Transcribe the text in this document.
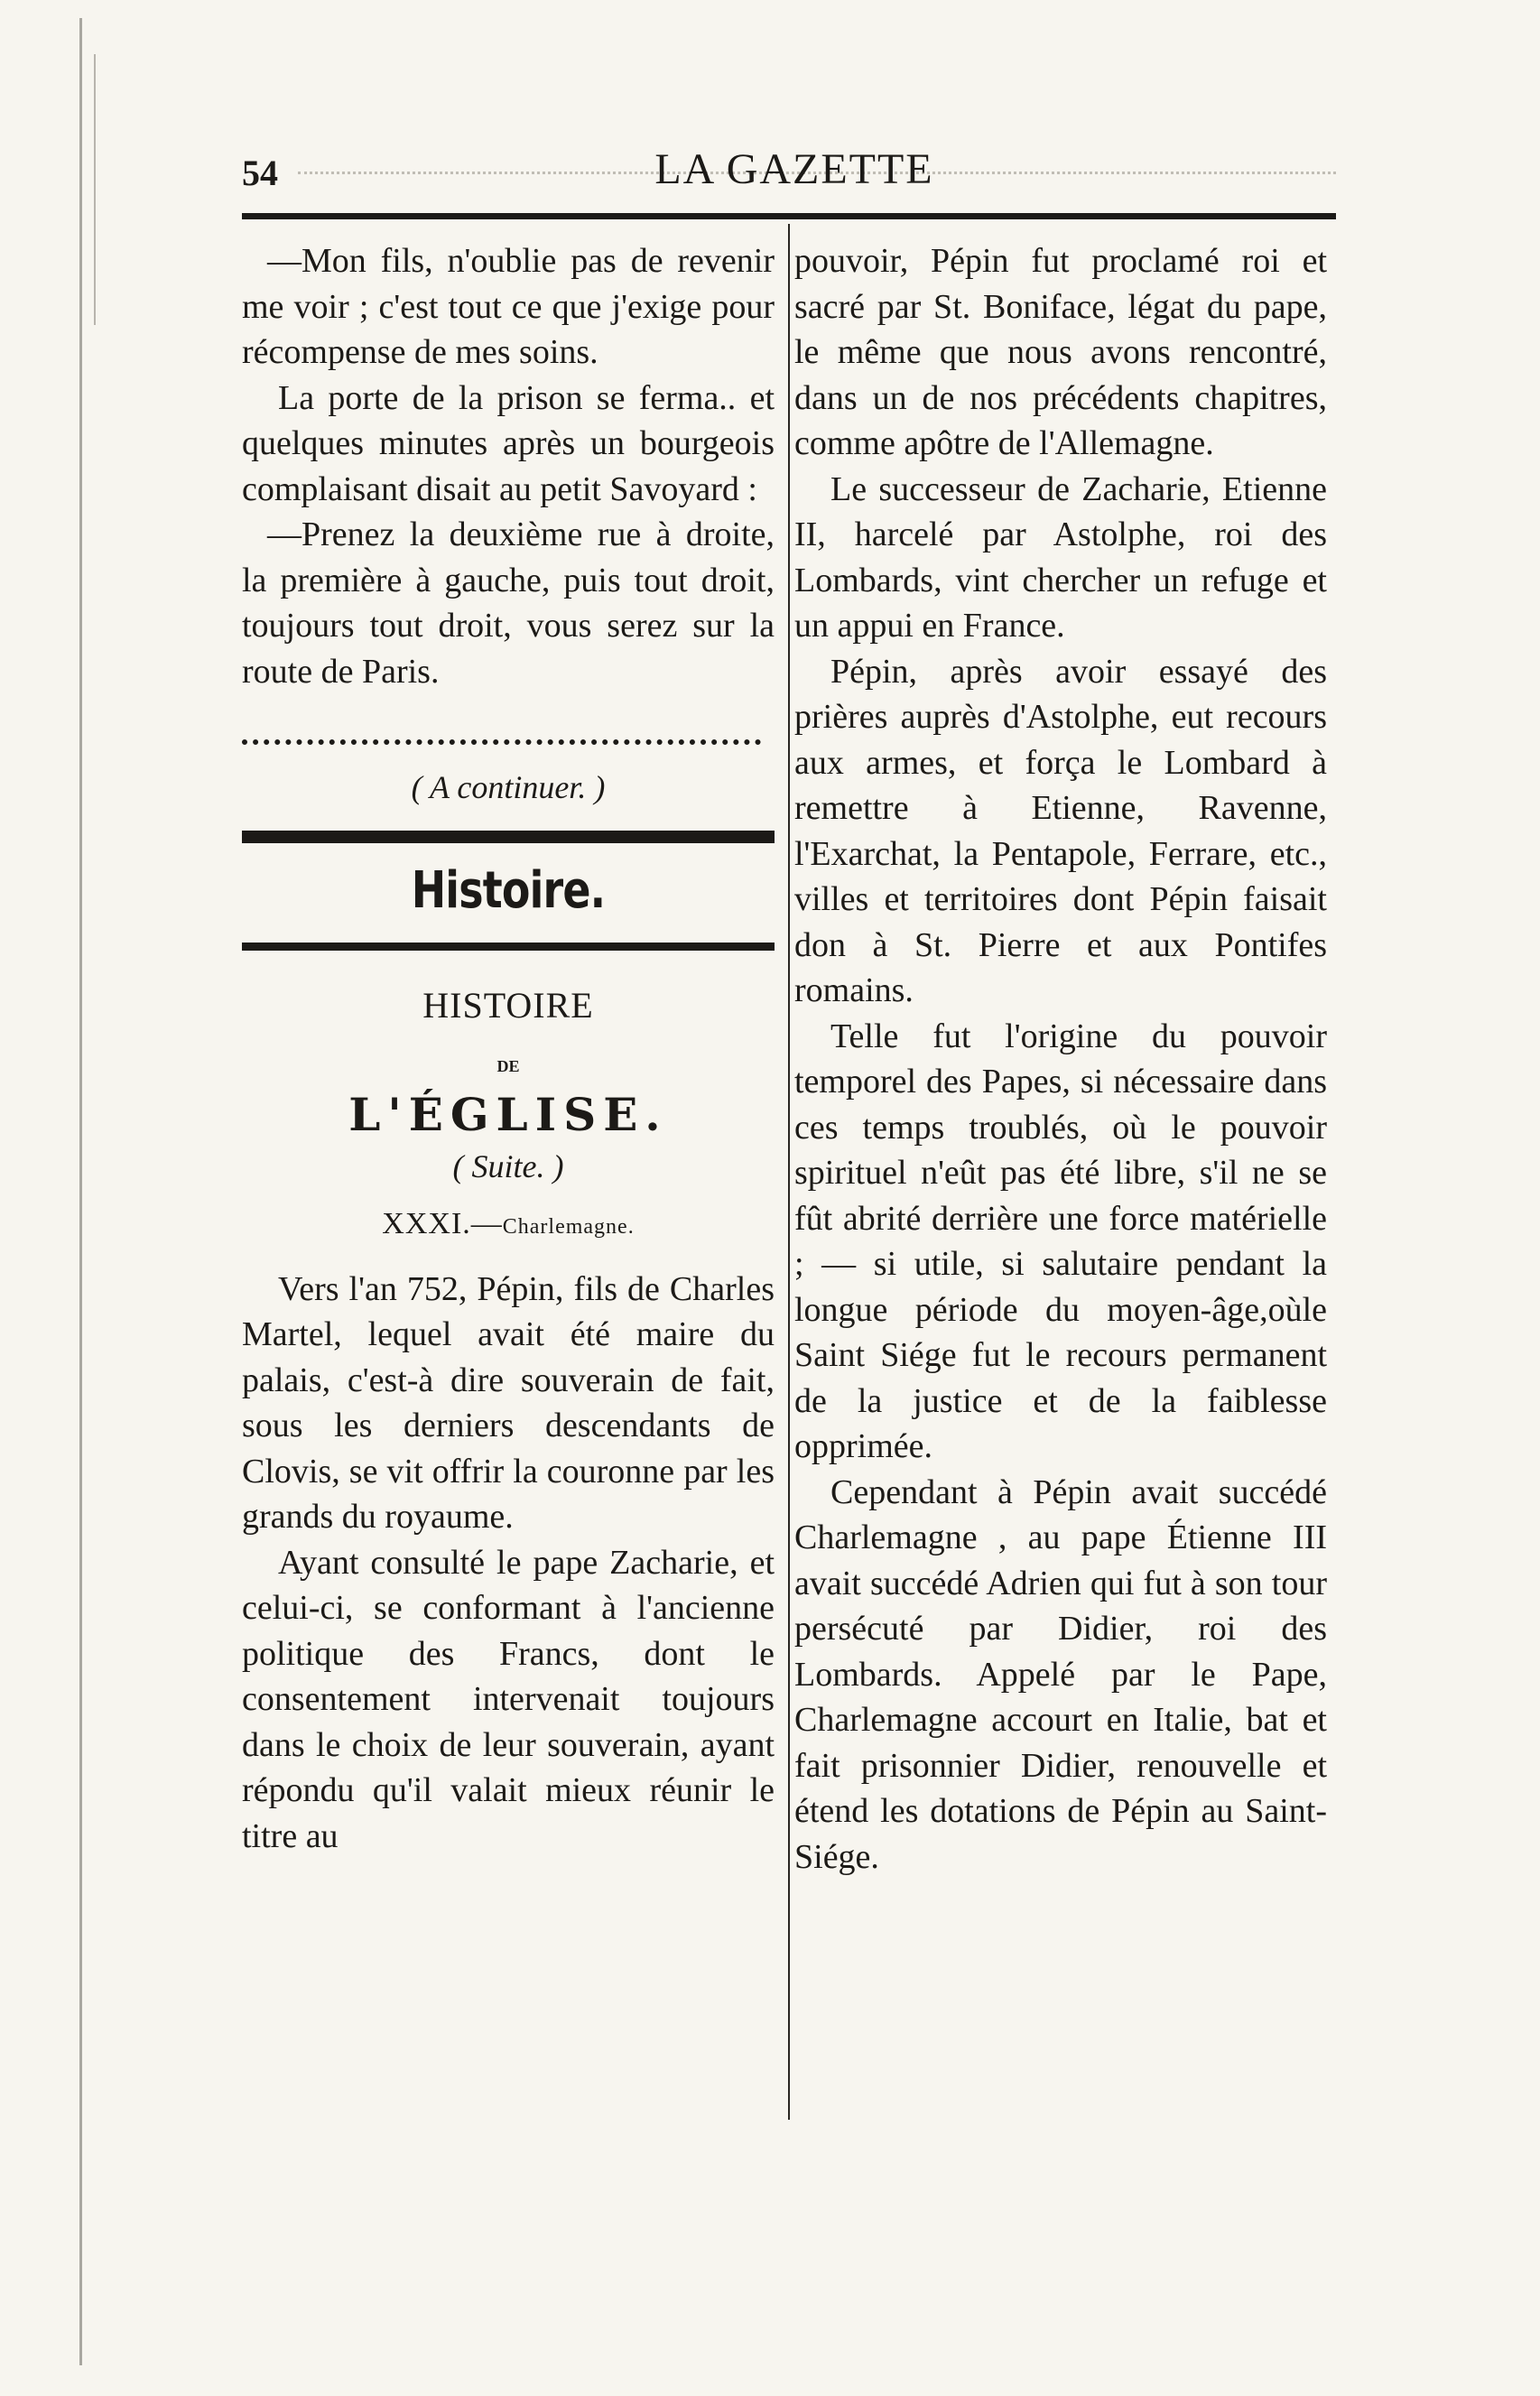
54	LA GAZETTE

—Mon fils, n'oublie pas de revenir me voir ; c'est tout ce que j'exige pour récompense de mes soins.

La porte de la prison se ferma.. et quelques minutes après un bourgeois complaisant disait au petit Savoyard :

—Prenez la deuxième rue à droite, la première à gauche, puis tout droit, toujours tout droit, vous serez sur la route de Paris.

( A continuer. )
Histoire.
HISTOIRE
DE
L'ÉGLISE.
( Suite. )
XXXI.—Charlemagne.

Vers l'an 752, Pépin, fils de Charles Martel, lequel avait été maire du palais, c'est-à dire souverain de fait, sous les derniers descendants de Clovis, se vit offrir la couronne par les grands du royaume.

Ayant consulté le pape Zacharie, et celui-ci, se conformant à l'ancienne politique des Francs, dont le consentement intervenait toujours dans le choix de leur souverain, ayant répondu qu'il valait mieux réunir le titre au

pouvoir, Pépin fut proclamé roi et sacré par St. Boniface, légat du pape, le même que nous avons rencontré, dans un de nos précédents chapitres, comme apôtre de l'Allemagne.

Le successeur de Zacharie, Etienne II, harcelé par Astolphe, roi des Lombards, vint chercher un refuge et un appui en France.

Pépin, après avoir essayé des prières auprès d'Astolphe, eut recours aux armes, et força le Lombard à remettre à Etienne, Ravenne, l'Exarchat, la Pentapole, Ferrare, etc., villes et territoires dont Pépin faisait don à St. Pierre et aux Pontifes romains.

Telle fut l'origine du pouvoir temporel des Papes, si nécessaire dans ces temps troublés, où le pouvoir spirituel n'eût pas été libre, s'il ne se fût abrité derrière une force matérielle ; — si utile, si salutaire pendant la longue période du moyen-âge,oùle Saint Siége fut le recours permanent de la justice et de la faiblesse opprimée.

Cependant à Pépin avait succédé Charlemagne , au pape Étienne III avait succédé Adrien qui fut à son tour persécuté par Didier, roi des Lombards. Appelé par le Pape, Charlemagne accourt en Italie, bat et fait prisonnier Didier, renouvelle et étend les dotations de Pépin au Saint-Siége.
